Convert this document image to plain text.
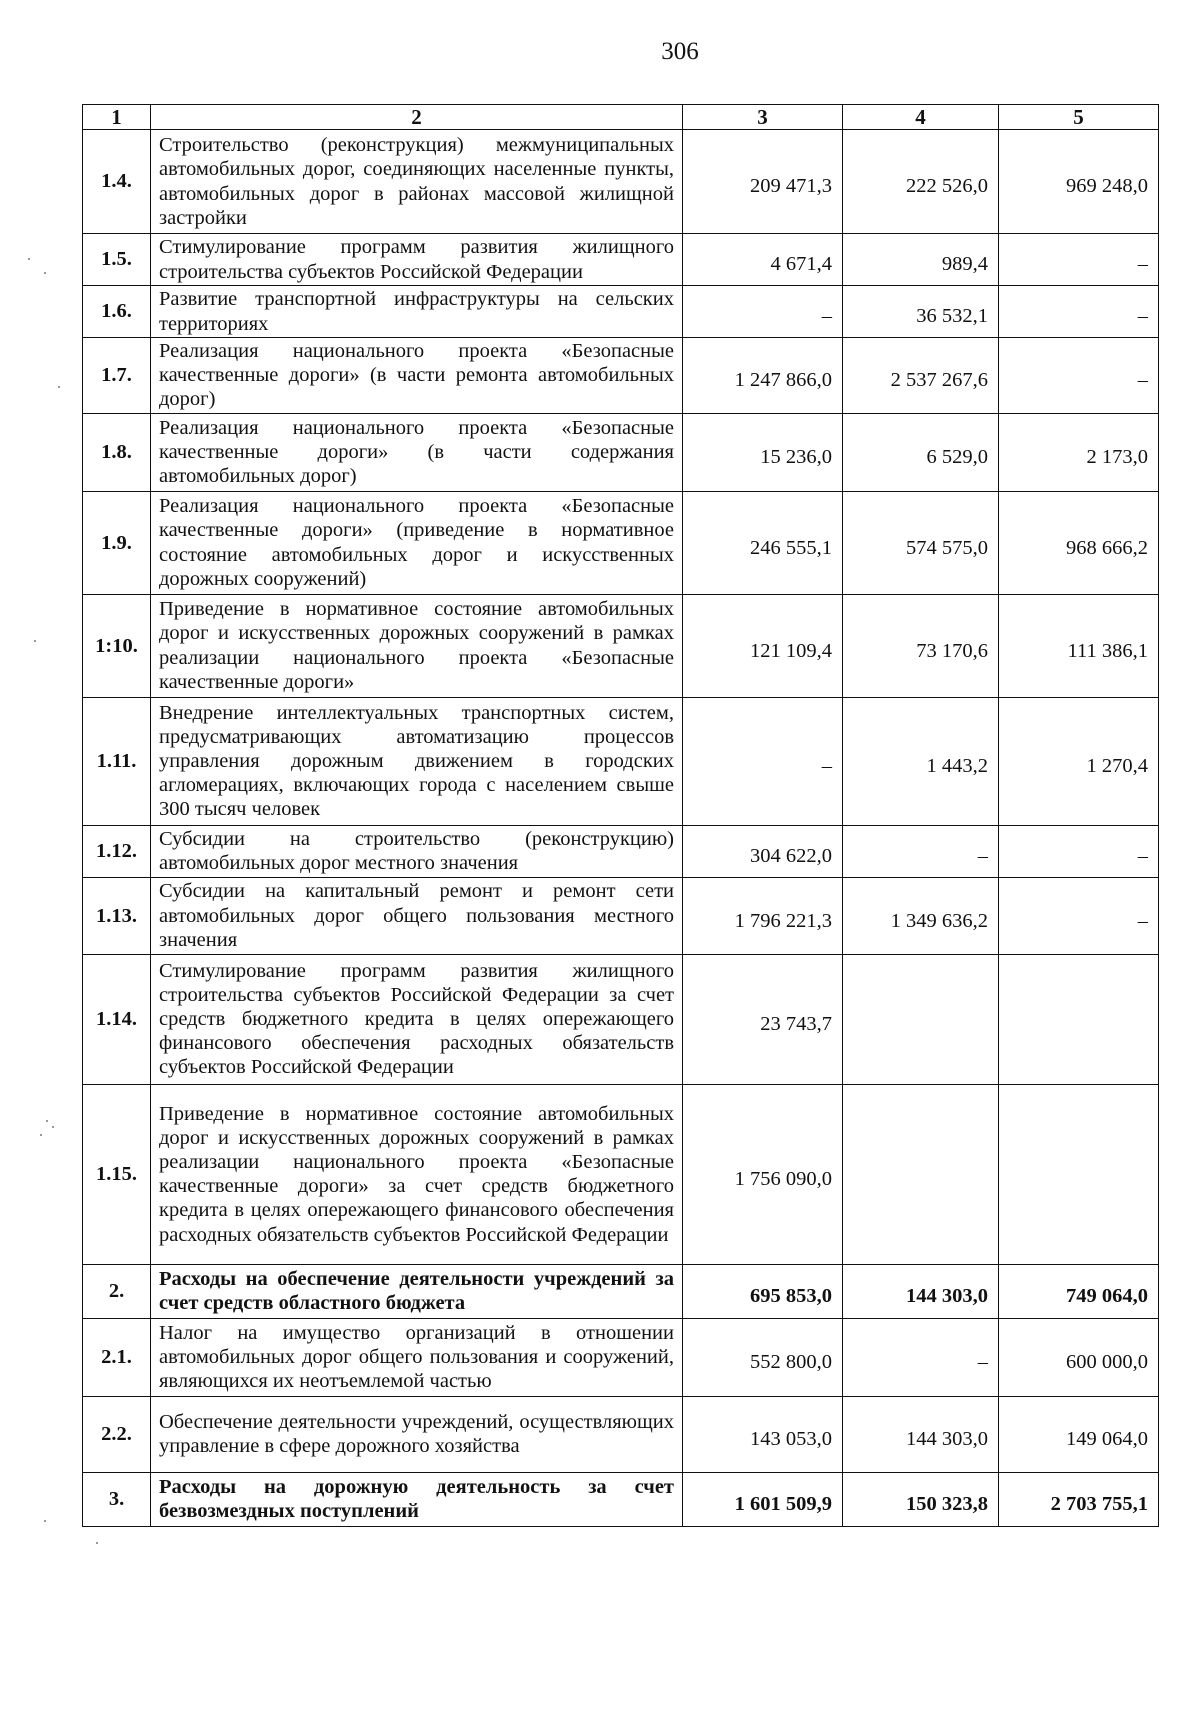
306
1	2	3	4	5
1.4.	Строительство (реконструкция) межмуниципальных автомобильных дорог, соединяющих населенные пункты, автомобильных дорог в районах массовой жилищной застройки	209 471,3	222 526,0	969 248,0
1.5.	Стимулирование программ развития жилищного строительства субъектов Российской Федерации	4 671,4	989,4	–
1.6.	Развитие транспортной инфраструктуры на сельских территориях	–	36 532,1	–
1.7.	Реализация национального проекта «Безопасные качественные дороги» (в части ремонта автомобильных дорог)	1 247 866,0	2 537 267,6	–
1.8.	Реализация национального проекта «Безопасные качественные дороги» (в части содержания автомобильных дорог)	15 236,0	6 529,0	2 173,0
1.9.	Реализация национального проекта «Безопасные качественные дороги» (приведение в нормативное состояние автомобильных дорог и искусственных дорожных сооружений)	246 555,1	574 575,0	968 666,2
1:10.	Приведение в нормативное состояние автомобильных дорог и искусственных дорожных сооружений в рамках реализации национального проекта «Безопасные качественные дороги»	121 109,4	73 170,6	111 386,1
1.11.	Внедрение интеллектуальных транспортных систем, предусматривающих автоматизацию процессов управления дорожным движением в городских агломерациях, включающих города с населением свыше 300 тысяч человек	–	1 443,2	1 270,4
1.12.	Субсидии на строительство (реконструкцию) автомобильных дорог местного значения	304 622,0	–	–
1.13.	Субсидии на капитальный ремонт и ремонт сети автомобильных дорог общего пользования местного значения	1 796 221,3	1 349 636,2	–
1.14.	Стимулирование программ развития жилищного строительства субъектов Российской Федерации за счет средств бюджетного кредита в целях опережающего финансового обеспечения расходных обязательств субъектов Российской Федерации	23 743,7		
1.15.	Приведение в нормативное состояние автомобильных дорог и искусственных дорожных сооружений в рамках реализации национального проекта «Безопасные качественные дороги» за счет средств бюджетного кредита в целях опережающего финансового обеспечения расходных обязательств субъектов Российской Федерации	1 756 090,0		
2.	Расходы на обеспечение деятельности учреждений за счет средств областного бюджета	695 853,0	144 303,0	749 064,0
2.1.	Налог на имущество организаций в отношении автомобильных дорог общего пользования и сооружений, являющихся их неотъемлемой частью	552 800,0	–	600 000,0
2.2.	Обеспечение деятельности учреждений, осуществляющих управление в сфере дорожного хозяйства	143 053,0	144 303,0	149 064,0
3.	Расходы на дорожную деятельность за счет безвозмездных поступлений	1 601 509,9	150 323,8	2 703 755,1
